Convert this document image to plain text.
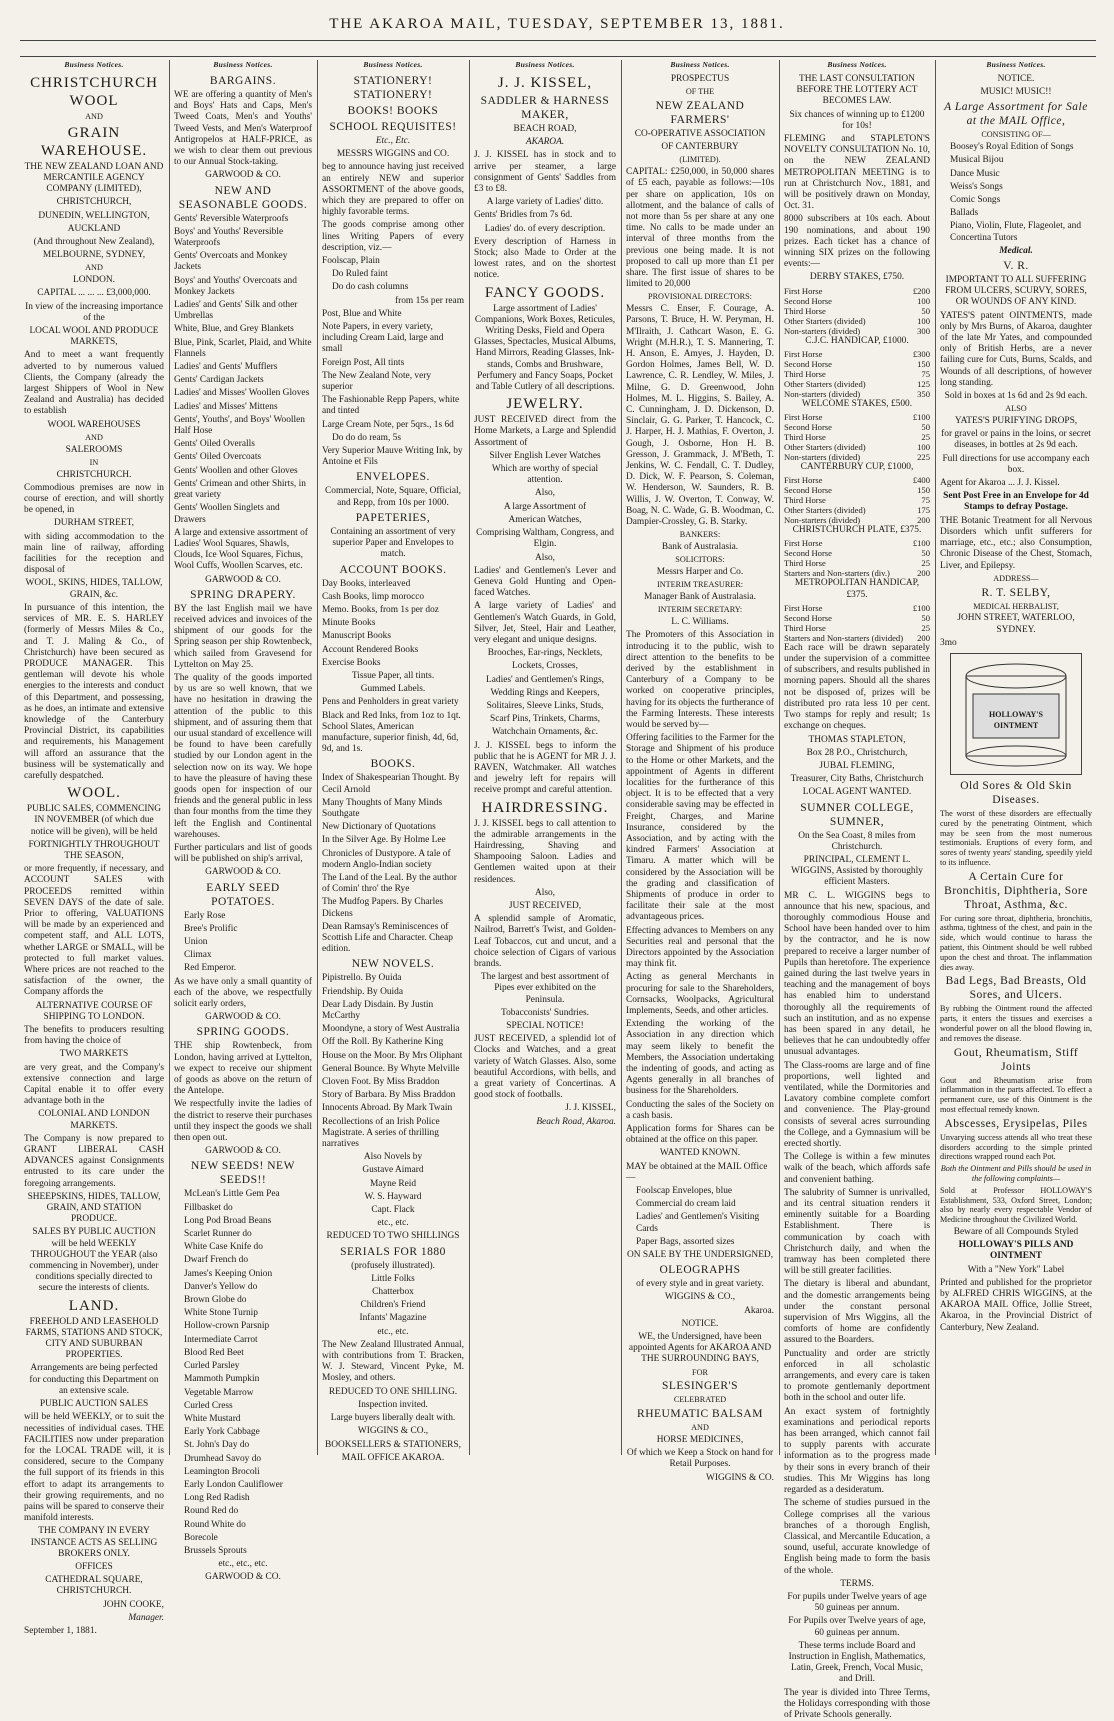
THE AKAROA MAIL, TUESDAY, SEPTEMBER 13, 1881.
Business Notices.
CHRISTCHURCH WOOL
AND
GRAIN WAREHOUSE.
THE NEW ZEALAND LOAN AND MERCANTILE AGENCY COMPANY (LIMITED),
CHRISTCHURCH,
DUNEDIN, WELLINGTON,
AUCKLAND
(And throughout New Zealand),
MELBOURNE, SYDNEY,
AND
LONDON.
CAPITAL ... ... ... £3,000,000.
In view of the increasing importance of the
LOCAL WOOL AND PRODUCE MARKETS,
And to meet a want frequently adverted to by numerous valued Clients, the Company (already the largest Shippers of Wool in New Zealand and Australia) has decided to establish
WOOL WAREHOUSES
AND
SALEROOMS
IN
CHRISTCHURCH.
Commodious premises are now in course of erection, and will shortly be opened, in
DURHAM STREET,
with siding accommodation to the main line of railway, affording facilities for the reception and disposal of
WOOL, SKINS, HIDES, TALLOW, GRAIN, &c.
In pursuance of this intention, the services of MR. E. S. HARLEY (formerly of Messrs Miles & Co., and T. J. Maling & Co., of Christchurch) have been secured as PRODUCE MANAGER. This gentleman will devote his whole energies to the interests and conduct of this Department, and possessing, as he does, an intimate and extensive knowledge of the Canterbury Provincial District, its capabilities and requirements, his Management will afford an assurance that the business will be systematically and carefully despatched.
WOOL.
PUBLIC SALES, COMMENCING IN NOVEMBER (of which due notice will be given), will be held
FORTNIGHTLY THROUGHOUT THE SEASON,
or more frequently, if necessary, and ACCOUNT SALES with PROCEEDS remitted within SEVEN DAYS of the date of sale. Prior to offering, VALUATIONS will be made by an experienced and competent staff, and ALL LOTS, whether LARGE or SMALL, will be protected to full market values. Where prices are not reached to the satisfaction of the owner, the Company affords the
ALTERNATIVE COURSE OF SHIPPING TO LONDON.
The benefits to producers resulting from having the choice of
TWO MARKETS
are very great, and the Company's extensive connection and large Capital enable it to offer every advantage both in the
COLONIAL AND LONDON MARKETS.
The Company is now prepared to GRANT LIBERAL CASH ADVANCES against Consignments entrusted to its care under the foregoing arrangements.
SHEEPSKINS, HIDES, TALLOW, GRAIN, AND STATION PRODUCE.
SALES BY PUBLIC AUCTION will be held WEEKLY THROUGHOUT the YEAR (also commencing in November), under conditions specially directed to secure the interests of clients.
LAND.
FREEHOLD AND LEASEHOLD FARMS, STATIONS AND STOCK, CITY AND SUBURBAN PROPERTIES.
Arrangements are being perfected for conducting this Department on an extensive scale.
PUBLIC AUCTION SALES
will be held WEEKLY, or to suit the necessities of individual cases. THE FACILITIES now under preparation for the LOCAL TRADE will, it is considered, secure to the Company the full support of its friends in this effort to adapt its arrangements to their growing requirements, and no pains will be spared to conserve their manifold interests.
THE COMPANY IN EVERY INSTANCE ACTS AS SELLING BROKERS ONLY.
OFFICES
CATHEDRAL SQUARE, CHRISTCHURCH.
JOHN COOKE,
Manager.
September 1, 1881.
Business Notices.
BARGAINS.
WE are offering a quantity of Men's and Boys' Hats and Caps, Men's Tweed Coats, Men's and Youths' Tweed Vests, and Men's Waterproof Antigropelos at HALF-PRICE, as we wish to clear them out previous to our Annual Stock-taking.
GARWOOD & CO.
NEW AND SEASONABLE GOODS.
Gents' Reversible Waterproofs
Boys' and Youths' Reversible Waterproofs
Gents' Overcoats and Monkey Jackets
Boys' and Youths' Overcoats and Monkey Jackets
Ladies' and Gents' Silk and other Umbrellas
White, Blue, and Grey Blankets
Blue, Pink, Scarlet, Plaid, and White Flannels
Ladies' and Gents' Mufflers
Gents' Cardigan Jackets
Ladies' and Misses' Woollen Gloves
Ladies' and Misses' Mittens
Gents', Youths', and Boys' Woollen Half Hose
Gents' Oiled Overalls
Gents' Oiled Overcoats
Gents' Woollen and other Gloves
Gents' Crimean and other Shirts, in great variety
Gents' Woollen Singlets and Drawers
A large and extensive assortment of Ladies' Wool Squares, Shawls, Clouds, Ice Wool Squares, Fichus, Wool Cuffs, Woollen Scarves, etc.
GARWOOD & CO.
SPRING DRAPERY.
BY the last English mail we have received advices and invoices of the shipment of our goods for the Spring season per ship Rowtenbeck, which sailed from Gravesend for Lyttelton on May 25.
The quality of the goods imported by us are so well known, that we have no hesitation in drawing the attention of the public to this shipment, and of assuring them that our usual standard of excellence will be found to have been carefully studied by our London agent in the selection now on its way. We hope to have the pleasure of having these goods open for inspection of our friends and the general public in less than four months from the time they left the English and Continental warehouses.
Further particulars and list of goods will be published on ship's arrival,
GARWOOD & CO.
EARLY SEED POTATOES.
Early Rose
Bree's Prolific
Union
Climax
Red Emperor.
As we have only a small quantity of each of the above, we respectfully solicit early orders,
GARWOOD & CO.
SPRING GOODS.
THE ship Rowtenbeck, from London, having arrived at Lyttelton, we expect to receive our shipment of goods as above on the return of the Antelope.
We respectfully invite the ladies of the district to reserve their purchases until they inspect the goods we shall then open out.
GARWOOD & CO.
NEW SEEDS! NEW SEEDS!!
McLean's Little Gem Pea
Fillbasket do
Long Pod Broad Beans
Scarlet Runner do
White Case Knife do
Dwarf French do
James's Keeping Onion
Danver's Yellow do
Brown Globe do
White Stone Turnip
Hollow-crown Parsnip
Intermediate Carrot
Blood Red Beet
Curled Parsley
Mammoth Pumpkin
Vegetable Marrow
Curled Cress
White Mustard
Early York Cabbage
St. John's Day do
Drumhead Savoy do
Leamington Brocoli
Early London Cauliflower
Long Red Radish
Round Red do
Round White do
Borecole
Brussels Sprouts
etc., etc., etc.
GARWOOD & CO.
Business Notices.
STATIONERY! STATIONERY!
BOOKS! BOOKS
SCHOOL REQUISITES!
Etc., Etc.
MESSRS WIGGINS and CO.
beg to announce having just received an entirely NEW and superior ASSORTMENT of the above goods, which they are prepared to offer on highly favorable terms.
The goods comprise among other lines Writing Papers of every description, viz.—
Foolscap, Plain
Do Ruled faint
Do do cash columns
from 15s per ream
Post, Blue and White
Note Papers, in every variety, including Cream Laid, large and small
Foreign Post, All tints
The New Zealand Note, very superior
The Fashionable Repp Papers, white and tinted
Large Cream Note, per 5qrs., 1s 6d
Do do do ream, 5s
Very Superior Mauve Writing Ink, by Antoine et Fils
ENVELOPES.
Commercial, Note, Square, Official, and Repp, from 10s per 1000.
PAPETERIES,
Containing an assortment of very superior Paper and Envelopes to match.
ACCOUNT BOOKS.
Day Books, interleaved
Cash Books, limp morocco
Memo. Books, from 1s per doz
Minute Books
Manuscript Books
Account Rendered Books
Exercise Books
Tissue Paper, all tints.
Gummed Labels.
Pens and Penholders in great variety
Black and Red Inks, from 1oz to 1qt. School Slates, American manufacture, superior finish, 4d, 6d, 9d, and 1s.
BOOKS.
Index of Shakespearian Thought. By Cecil Arnold
Many Thoughts of Many Minds Southgate
New Dictionary of Quotations
In the Silver Age. By Holme Lee
Chronicles of Dustypore. A tale of modern Anglo-Indian society
The Land of the Leal. By the author of Comin' thro' the Rye
The Mudfog Papers. By Charles Dickens
Dean Ramsay's Reminiscences of Scottish Life and Character. Cheap edition.
NEW NOVELS.
Pipistrello. By Ouida
Friendship. By Ouida
Dear Lady Disdain. By Justin McCarthy
Moondyne, a story of West Australia
Off the Roll. By Katherine King
House on the Moor. By Mrs Oliphant
General Bounce. By Whyte Melville
Cloven Foot. By Miss Braddon
Story of Barbara. By Miss Braddon
Innocents Abroad. By Mark Twain
Recollections of an Irish Police Magistrate. A series of thrilling narratives
Also Novels by
Gustave Aimard
Mayne Reid
W. S. Hayward
Capt. Flack
etc., etc.
REDUCED TO TWO SHILLINGS
SERIALS FOR 1880
(profusely illustrated).
Little Folks
Chatterbox
Children's Friend
Infants' Magazine
etc., etc.
The New Zealand Illustrated Annual, with contributions from T. Bracken, W. J. Steward, Vincent Pyke, M. Mosley, and others.
REDUCED TO ONE SHILLING.
Inspection invited.
Large buyers liberally dealt with.
WIGGINS & CO.,
BOOKSELLERS & STATIONERS,
MAIL OFFICE AKAROA.
Business Notices.
J. J. KISSEL,
SADDLER & HARNESS MAKER,
BEACH ROAD,
AKAROA.
J. J. KISSEL has in stock and to arrive per steamer, a large consignment of Gents' Saddles from £3 to £8.
A large variety of Ladies' ditto.
Gents' Bridles from 7s 6d.
Ladies' do. of every description.
Every description of Harness in Stock; also Made to Order at the lowest rates, and on the shortest notice.
FANCY GOODS.
Large assortment of Ladies' Companions, Work Boxes, Reticules, Writing Desks, Field and Opera Glasses, Spectacles, Musical Albums, Hand Mirrors, Reading Glasses, Ink-stands, Combs and Brushware, Perfumery and Fancy Soaps, Pocket and Table Cutlery of all descriptions.
JEWELRY.
JUST RECEIVED direct from the Home Markets, a Large and Splendid Assortment of
Silver English Lever Watches
Which are worthy of special attention.
Also,
A large Assortment of
American Watches,
Comprising Waltham, Congress, and Elgin.
Also,
Ladies' and Gentlemen's Lever and Geneva Gold Hunting and Open-faced Watches.
A large variety of Ladies' and Gentlemen's Watch Guards, in Gold, Silver, Jet, Steel, Hair and Leather, very elegant and unique designs.
Brooches, Ear-rings, Necklets,
Lockets, Crosses,
Ladies' and Gentlemen's Rings,
Wedding Rings and Keepers,
Solitaires, Sleeve Links, Studs,
Scarf Pins, Trinkets, Charms,
Watchchain Ornaments, &c.
J. J. KISSEL begs to inform the public that he is AGENT for MR J. J. RAVEN, Watchmaker. All watches and jewelry left for repairs will receive prompt and careful attention.
HAIRDRESSING.
J. J. KISSEL begs to call attention to the admirable arrangements in the Hairdressing, Shaving and Shampooing Saloon. Ladies and Gentlemen waited upon at their residences.
Also,
JUST RECEIVED,
A splendid sample of Aromatic, Nailrod, Barrett's Twist, and Golden-Leaf Tobaccos, cut and uncut, and a choice selection of Cigars of various brands.
The largest and best assortment of Pipes ever exhibited on the Peninsula.
Tobacconists' Sundries.
SPECIAL NOTICE!
JUST RECEIVED, a splendid lot of Clocks and Watches, and a great variety of Watch Glasses. Also, some beautiful Accordions, with bells, and a great variety of Concertinas. A good stock of footballs.
J. J. KISSEL,
Beach Road, Akaroa.
Business Notices.
PROSPECTUS
OF THE
NEW ZEALAND FARMERS'
CO-OPERATIVE ASSOCIATION
OF CANTERBURY
(LIMITED).
CAPITAL: £250,000, in 50,000 shares of £5 each, payable as follows:—10s per share on application, 10s on allotment, and the balance of calls of not more than 5s per share at any one time. No calls to be made under an interval of three months from the previous one being made. It is not proposed to call up more than £1 per share. The first issue of shares to be limited to 20,000
PROVISIONAL DIRECTORS:
Messrs C. Enser, F. Courage, A. Parsons, T. Bruce, H. W. Peryman, H. M'Ilraith, J. Cathcart Wason, E. G. Wright (M.H.R.), T. S. Mannering, T. H. Anson, E. Amyes, J. Hayden, D. Gordon Holmes, James Bell, W. D. Lawrence, C. R. Lendley, W. Miles, J. Milne, G. D. Greenwood, John Holmes, M. L. Higgins, S. Bailey, A. C. Cunningham, J. D. Dickenson, D. Sinclair, G. G. Parker, T. Hancock, C. J. Harper, H. J. Mathias, F. Overton, J. Gough, J. Osborne, Hon H. B. Gresson, J. Grammack, J. M'Beth, T. Jenkins, W. C. Fendall, C. T. Dudley, D. Dick, W. F. Pearson, S. Coleman, W. Henderson, W. Saunders, R. B. Willis, J. W. Overton, T. Conway, W. Boag, N. C. Wade, G. B. Woodman, C. Dampier-Crossley, G. B. Starky.
BANKERS:
Bank of Australasia.
SOLICITORS:
Messrs Harper and Co.
INTERIM TREASURER:
Manager Bank of Australasia.
INTERIM SECRETARY:
L. C. Williams.
The Promoters of this Association in introducing it to the public, wish to direct attention to the benefits to be derived by the establishment in Canterbury of a Company to be worked on cooperative principles, having for its objects the furtherance of the Farming Interests. These interests would be served by—
Offering facilities to the Farmer for the Storage and Shipment of his produce to the Home or other Markets, and the appointment of Agents in different localities for the furtherance of this object. It is to be effected that a very considerable saving may be effected in Freight, Charges, and Marine Insurance, considered by the Association, and by acting with the kindred Farmers' Association at Timaru. A matter which will be considered by the Association will be the grading and classification of Shipments of produce in order to facilitate their sale at the most advantageous prices.
Effecting advances to Members on any Securities real and personal that the Directors appointed by the Association may think fit.
Acting as general Merchants in procuring for sale to the Shareholders, Cornsacks, Woolpacks, Agricultural Implements, Seeds, and other articles.
Extending the working of the Association in any direction which may seem likely to benefit the Members, the Association undertaking the indenting of goods, and acting as Agents generally in all branches of business for the Shareholders.
Conducting the sales of the Society on a cash basis.
Application forms for Shares can be obtained at the office on this paper.
WANTED KNOWN.
MAY be obtained at the MAIL Office—
Foolscap Envelopes, blue
Commercial do cream laid
Ladies' and Gentlemen's Visiting Cards
Paper Bags, assorted sizes
ON SALE BY THE UNDERSIGNED,
OLEOGRAPHS
of every style and in great variety.
WIGGINS & CO.,
Akaroa.
NOTICE.
WE, the Undersigned, have been appointed Agents for AKAROA AND THE SURROUNDING BAYS,
FOR
SLESINGER'S
CELEBRATED
RHEUMATIC BALSAM
AND
HORSE MEDICINES,
Of which we Keep a Stock on hand for Retail Purposes.
WIGGINS & CO.
Business Notices.
THE LAST CONSULTATION BEFORE THE LOTTERY ACT BECOMES LAW.
Six chances of winning up to £1200 for 10s!
FLEMING and STAPLETON'S NOVELTY CONSULTATION No. 10, on the NEW ZEALAND METROPOLITAN MEETING is to run at Christchurch Nov., 1881, and will be positively drawn on Monday, Oct. 31.
8000 subscribers at 10s each. About 190 nominations, and about 190 prizes. Each ticket has a chance of winning SIX prizes on the following events:—
DERBY STAKES, £750.
First Horse	£200
Second Horse	100
Third Horse	50
Other Starters (divided)	100
Non-starters (divided)	300
C.J.C. HANDICAP, £1000.
First Horse	£300
Second Horse	150
Third Horse	75
Other Starters (divided)	125
Non-starters (divided)	350
WELCOME STAKES, £500.
First Horse	£100
Second Horse	50
Third Horse	25
Other Starters (divided)	100
Non-starters (divided)	225
CANTERBURY CUP, £1000,
First Horse	£400
Second Horse	150
Third Horse	75
Other Starters (divided)	175
Non-starters (divided)	200
CHRISTCHURCH PLATE, £375.
First Horse	£100
Second Horse	50
Third Horse	25
Starters and Non-starters (div.)	200
METROPOLITAN HANDICAP, £375.
First Horse	£100
Second Horse	50
Third Horse	25
Starters and Non-starters (divided)	200
Each race will be drawn separately under the supervision of a committee of subscribers, and results published in morning papers. Should all the shares not be disposed of, prizes will be distributed pro rata less 10 per cent. Two stamps for reply and result; 1s exchange on cheques.
THOMAS STAPLETON,
Box 28 P.O., Christchurch,
JUBAL FLEMING,
Treasurer, City Baths, Christchurch
LOCAL AGENT WANTED.
SUMNER COLLEGE, SUMNER,
On the Sea Coast, 8 miles from Christchurch.
PRINCIPAL, CLEMENT L. WIGGINS, Assisted by thoroughly efficient Masters.
MR C. L. WIGGINS begs to announce that his new, spacious, and thoroughly commodious House and School have been handed over to him by the contractor, and he is now prepared to receive a larger number of Pupils than heretofore. The experience gained during the last twelve years in teaching and the management of boys has enabled him to understand thoroughly all the requirements of such an institution, and as no expense has been spared in any detail, he believes that he can undoubtedly offer unusual advantages.
The Class-rooms are large and of fine proportions, well lighted and ventilated, while the Dormitories and Lavatory combine complete comfort and convenience. The Play-ground consists of several acres surrounding the College, and a Gymnasium will be erected shortly.
The College is within a few minutes walk of the beach, which affords safe and convenient bathing.
The salubrity of Sumner is unrivalled, and its central situation renders it eminently suitable for a Boarding Establishment. There is communication by coach with Christchurch daily, and when the tramway has been completed there will be still greater facilities.
The dietary is liberal and abundant, and the domestic arrangements being under the constant personal supervision of Mrs Wiggins, all the comforts of home are confidently assured to the Boarders.
Punctuality and order are strictly enforced in all scholastic arrangements, and every care is taken to promote gentlemanly deportment both in the school and outer life.
An exact system of fortnightly examinations and periodical reports has been arranged, which cannot fail to supply parents with accurate information as to the progress made by their sons in every branch of their studies. This Mr Wiggins has long regarded as a desideratum.
The scheme of studies pursued in the College comprises all the various branches of a thorough English, Classical, and Mercantile Education, a sound, useful, accurate knowledge of English being made to form the basis of the whole.
TERMS.
For pupils under Twelve years of age 50 guineas per annum.
For Pupils over Twelve years of age, 60 guineas per annum.
These terms include Board and Instruction in English, Mathematics, Latin, Greek, French, Vocal Music, and Drill.
The year is divided into Three Terms, the Holidays corresponding with those of Private Schools generally.
Business Notices.
NOTICE.
MUSIC! MUSIC!!
A Large Assortment for Sale at the MAIL Office,
CONSISTING OF—
Boosey's Royal Edition of Songs
Musical Bijou
Dance Music
Weiss's Songs
Comic Songs
Ballads
Piano, Violin, Flute, Flageolet, and Concertina Tutors
Medical.
V. R.
IMPORTANT TO ALL SUFFERING FROM ULCERS, SCURVY, SORES, OR WOUNDS OF ANY KIND.
YATES'S patent OINTMENTS, made only by Mrs Burns, of Akaroa, daughter of the late Mr Yates, and compounded only of British Herbs, are a never failing cure for Cuts, Burns, Scalds, and Wounds of all descriptions, of however long standing.
Sold in boxes at 1s 6d and 2s 9d each.
ALSO
YATES'S PURIFYING DROPS,
for gravel or pains in the loins, or secret diseases, in bottles at 2s 9d each.
Full directions for use accompany each box.
Agent for Akaroa ... J. J. Kissel.
Sent Post Free in an Envelope for 4d Stamps to defray Postage.
THE Botanic Treatment for all Nervous Disorders which unfit sufferers for marriage, etc., etc.; also Consumption, Chronic Disease of the Chest, Stomach, Liver, and Epilepsy.
ADDRESS—
R. T. SELBY,
MEDICAL HERBALIST,
JOHN STREET, WATERLOO, SYDNEY.
3mo
HOLLOWAY'S OINTMENT
Old Sores & Old Skin Diseases.
The worst of these disorders are effectually cured by the penetrating Ointment, which may be seen from the most numerous testimonials. Eruptions of every form, and sores of twenty years' standing, speedily yield to its influence.
A Certain Cure for Bronchitis, Diphtheria, Sore Throat, Asthma, &c.
For curing sore throat, diphtheria, bronchitis, asthma, tightness of the chest, and pain in the side, which would continue to harass the patient, this Ointment should be well rubbed upon the chest and throat. The inflammation dies away.
Bad Legs, Bad Breasts, Old Sores, and Ulcers.
By rubbing the Ointment round the affected parts, it enters the tissues and exercises a wonderful power on all the blood flowing in, and removes the disease.
Gout, Rheumatism, Stiff Joints
Gout and Rheumatism arise from inflammation in the parts affected. To effect a permanent cure, use of this Ointment is the most effectual remedy known.
Abscesses, Erysipelas, Piles
Unvarying success attends all who treat these disorders according to the simple printed directions wrapped round each Pot.
Both the Ointment and Pills should be used in the following complaints—
Sold at Professor HOLLOWAY'S Establishment, 533, Oxford Street, London; also by nearly every respectable Vendor of Medicine throughout the Civilized World.
Beware of all Compounds Styled
HOLLOWAY'S PILLS AND OINTMENT
With a "New York" Label
Printed and published for the proprietor by ALFRED CHRIS WIGGINS, at the AKAROA MAIL Office, Jollie Street, Akaroa, in the Provincial District of Canterbury, New Zealand.
